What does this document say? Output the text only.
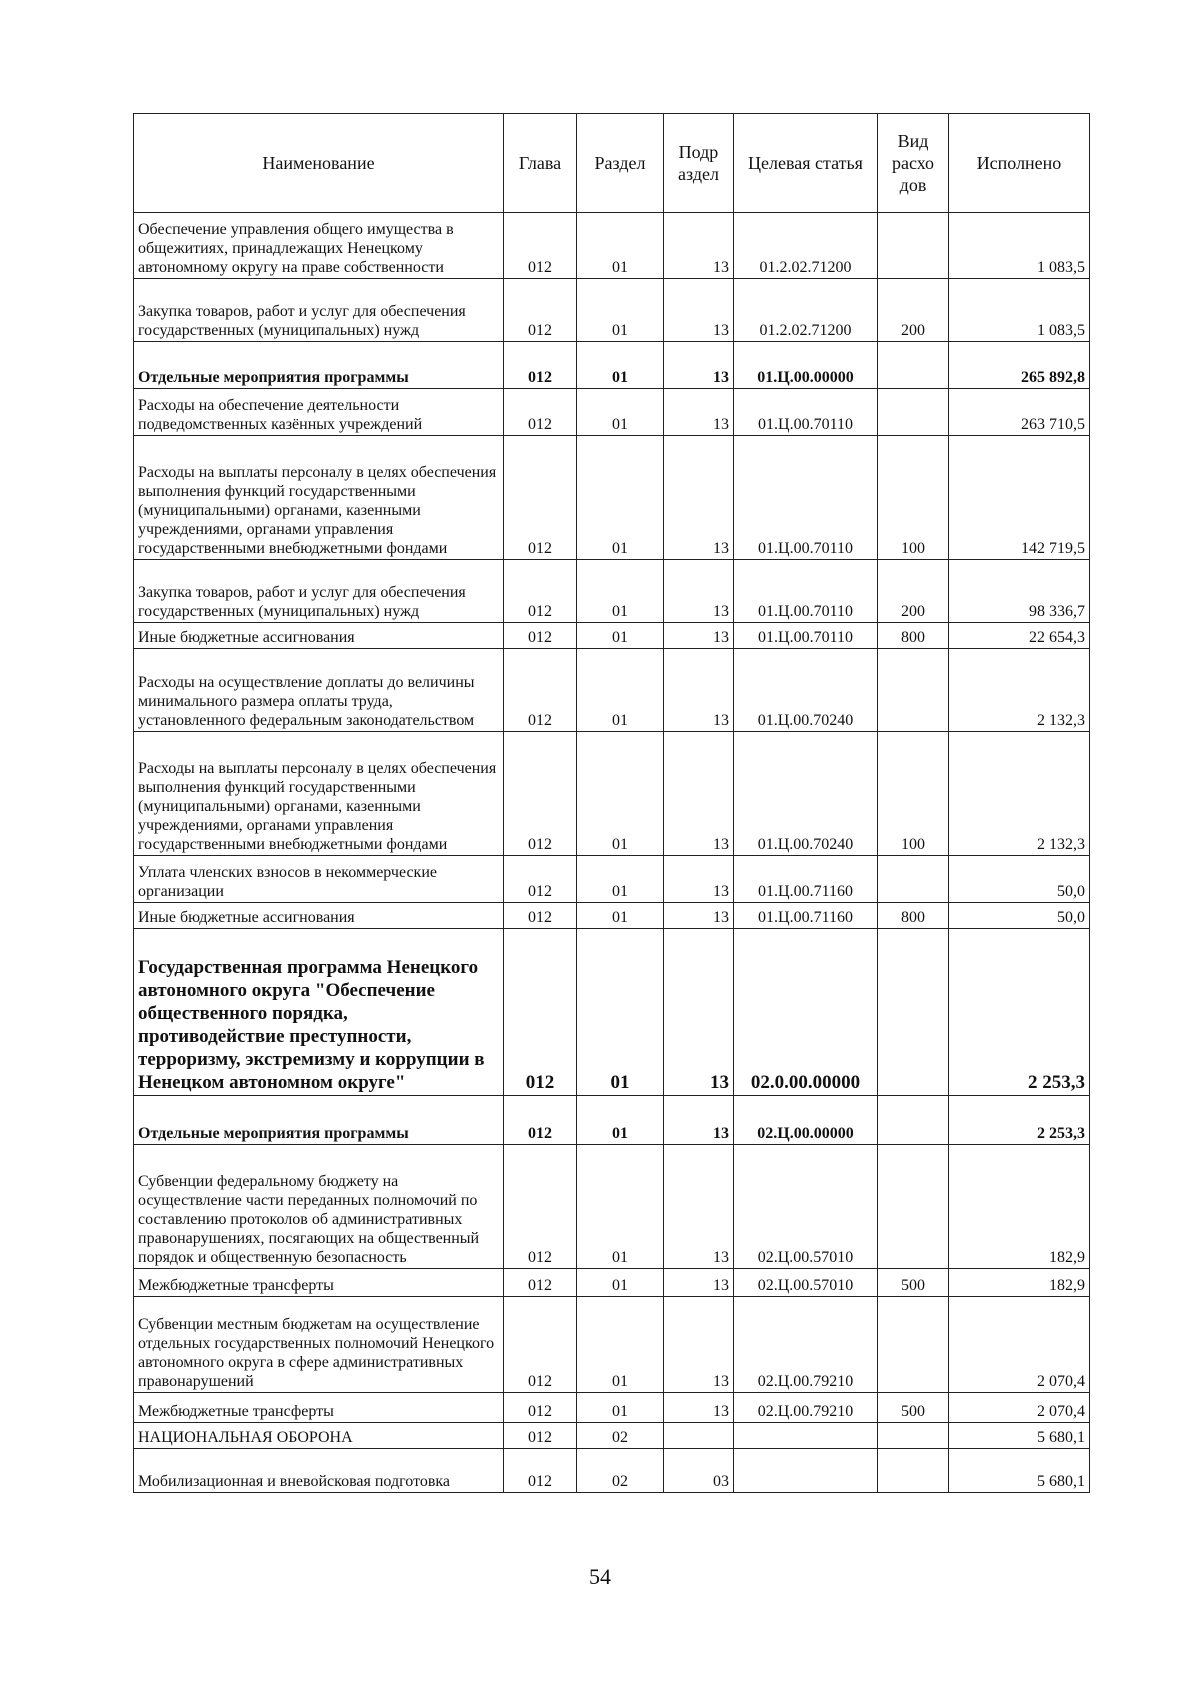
Наименование	Глава	Раздел	Подр аздел	Целевая статья	Вид расхо дов	Исполнено
Обеспечение управления общего имущества в общежитиях, принадлежащих Ненецкому автономному округу на праве собственности	012	01	13	01.2.02.71200		1 083,5
Закупка товаров, работ и услуг для обеспечения государственных (муниципальных) нужд	012	01	13	01.2.02.71200	200	1 083,5
Отдельные мероприятия программы	012	01	13	01.Ц.00.00000		265 892,8
Расходы на обеспечение деятельности подведомственных казённых учреждений	012	01	13	01.Ц.00.70110		263 710,5
Расходы на выплаты персоналу в целях обеспечения выполнения функций государственными (муниципальными) органами, казенными учреждениями, органами управления государственными внебюджетными фондами	012	01	13	01.Ц.00.70110	100	142 719,5
Закупка товаров, работ и услуг для обеспечения государственных (муниципальных) нужд	012	01	13	01.Ц.00.70110	200	98 336,7
Иные бюджетные ассигнования	012	01	13	01.Ц.00.70110	800	22 654,3
Расходы на осуществление доплаты до величины минимального размера оплаты труда, установленного федеральным законодательством	012	01	13	01.Ц.00.70240		2 132,3
Расходы на выплаты персоналу в целях обеспечения выполнения функций государственными (муниципальными) органами, казенными учреждениями, органами управления государственными внебюджетными фондами	012	01	13	01.Ц.00.70240	100	2 132,3
Уплата членских взносов в некоммерческие организации	012	01	13	01.Ц.00.71160		50,0
Иные бюджетные ассигнования	012	01	13	01.Ц.00.71160	800	50,0
Государственная программа Ненецкого автономного округа "Обеспечение общественного порядка, противодействие преступности, терроризму, экстремизму и коррупции в Ненецком автономном округе"	012	01	13	02.0.00.00000		2 253,3
Отдельные мероприятия программы	012	01	13	02.Ц.00.00000		2 253,3
Субвенции федеральному бюджету на осуществление части переданных полномочий по составлению протоколов об административных правонарушениях, посягающих на общественный порядок и общественную безопасность	012	01	13	02.Ц.00.57010		182,9
Межбюджетные трансферты	012	01	13	02.Ц.00.57010	500	182,9
Субвенции местным бюджетам на осуществление отдельных государственных полномочий Ненецкого автономного округа в сфере административных правонарушений	012	01	13	02.Ц.00.79210		2 070,4
Межбюджетные трансферты	012	01	13	02.Ц.00.79210	500	2 070,4
НАЦИОНАЛЬНАЯ ОБОРОНА	012	02				5 680,1
Мобилизационная и вневойсковая подготовка	012	02	03			5 680,1
54
